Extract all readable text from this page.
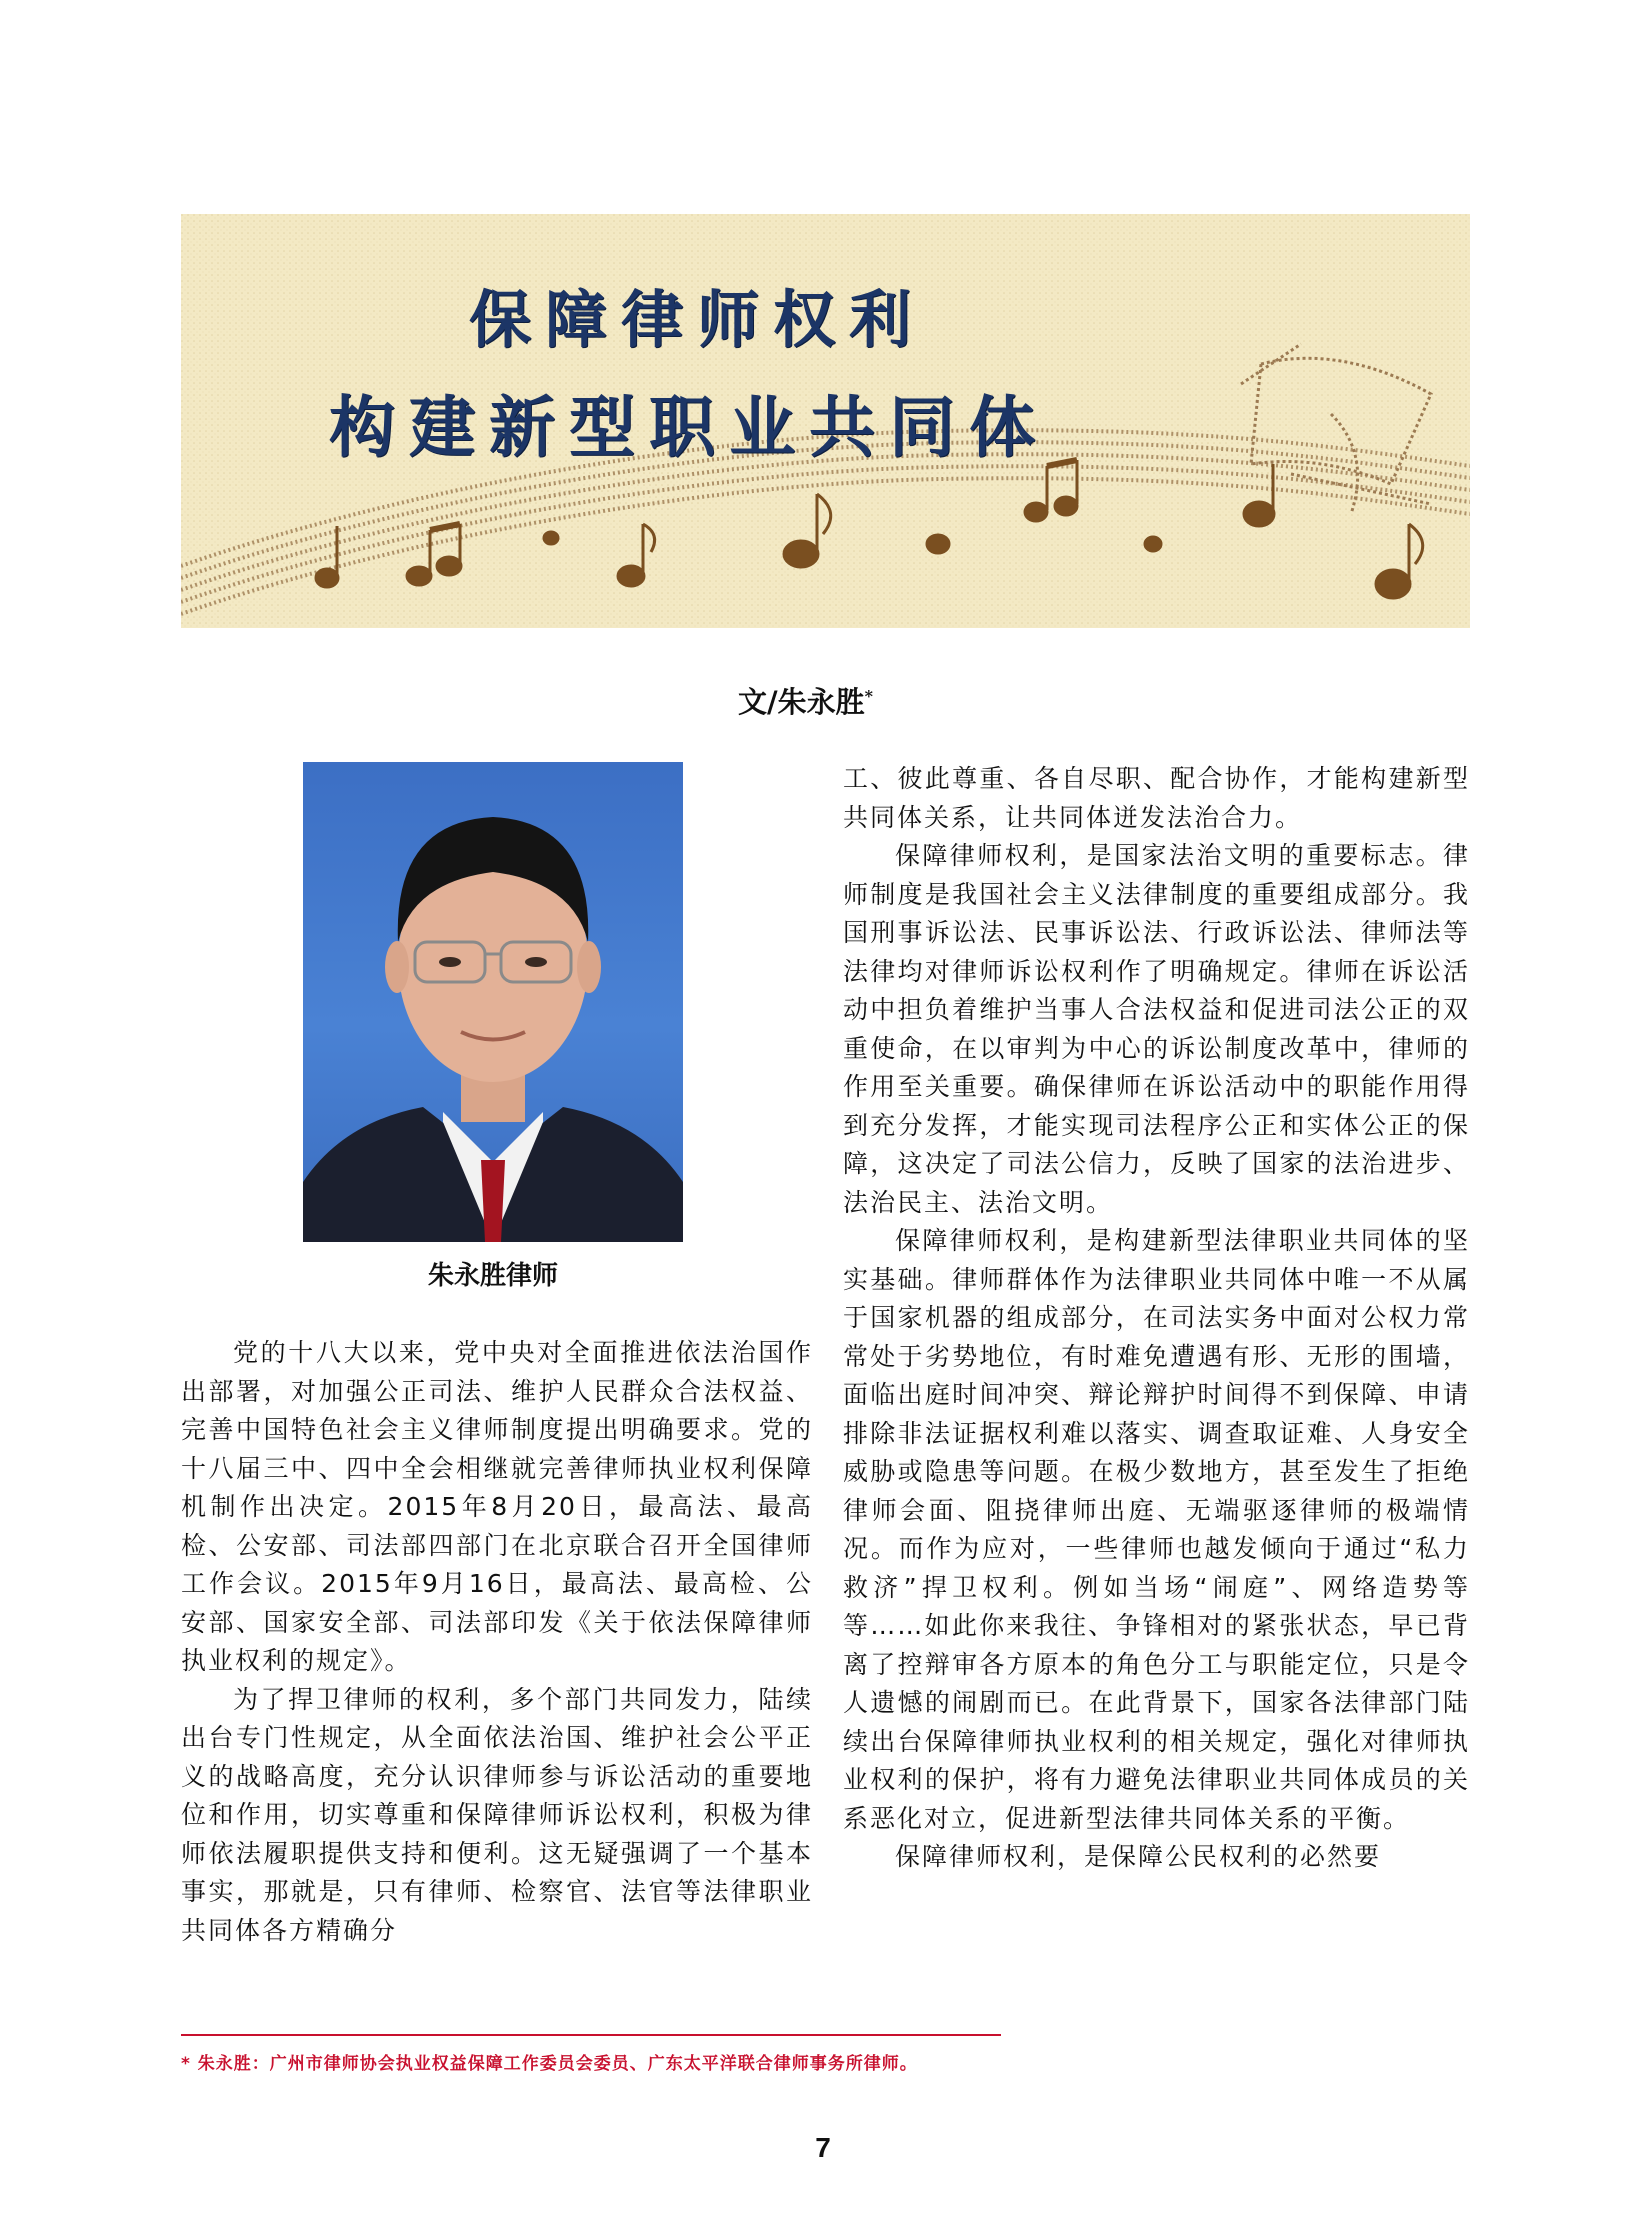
保障律师权利
构建新型职业共同体
文/朱永胜*
朱永胜律师

党的十八大以来，党中央对全面推进依法治国作出部署，对加强公正司法、维护人民群众合法权益、完善中国特色社会主义律师制度提出明确要求。党的十八届三中、四中全会相继就完善律师执业权利保障机制作出决定。2015年8月20日，最高法、最高检、公安部、司法部四部门在北京联合召开全国律师工作会议。2015年9月16日，最高法、最高检、公安部、国家安全部、司法部印发《关于依法保障律师执业权利的规定》。

为了捍卫律师的权利，多个部门共同发力，陆续出台专门性规定，从全面依法治国、维护社会公平正义的战略高度，充分认识律师参与诉讼活动的重要地位和作用，切实尊重和保障律师诉讼权利，积极为律师依法履职提供支持和便利。这无疑强调了一个基本事实，那就是，只有律师、检察官、法官等法律职业共同体各方精确分

工、彼此尊重、各自尽职、配合协作，才能构建新型共同体关系，让共同体迸发法治合力。

保障律师权利，是国家法治文明的重要标志。律师制度是我国社会主义法律制度的重要组成部分。我国刑事诉讼法、民事诉讼法、行政诉讼法、律师法等法律均对律师诉讼权利作了明确规定。律师在诉讼活动中担负着维护当事人合法权益和促进司法公正的双重使命，在以审判为中心的诉讼制度改革中，律师的作用至关重要。确保律师在诉讼活动中的职能作用得到充分发挥，才能实现司法程序公正和实体公正的保障，这决定了司法公信力，反映了国家的法治进步、法治民主、法治文明。

保障律师权利，是构建新型法律职业共同体的坚实基础。律师群体作为法律职业共同体中唯一不从属于国家机器的组成部分，在司法实务中面对公权力常常处于劣势地位，有时难免遭遇有形、无形的围墙，面临出庭时间冲突、辩论辩护时间得不到保障、申请排除非法证据权利难以落实、调查取证难、人身安全威胁或隐患等问题。在极少数地方，甚至发生了拒绝律师会面、阻挠律师出庭、无端驱逐律师的极端情况。而作为应对，一些律师也越发倾向于通过“私力救济”捍卫权利。例如当场“闹庭”、网络造势等等……如此你来我往、争锋相对的紧张状态，早已背离了控辩审各方原本的角色分工与职能定位，只是令人遗憾的闹剧而已。在此背景下，国家各法律部门陆续出台保障律师执业权利的相关规定，强化对律师执业权利的保护，将有力避免法律职业共同体成员的关系恶化对立，促进新型法律共同体关系的平衡。

保障律师权利，是保障公民权利的必然要

* 朱永胜：广州市律师协会执业权益保障工作委员会委员、广东太平洋联合律师事务所律师。
7
